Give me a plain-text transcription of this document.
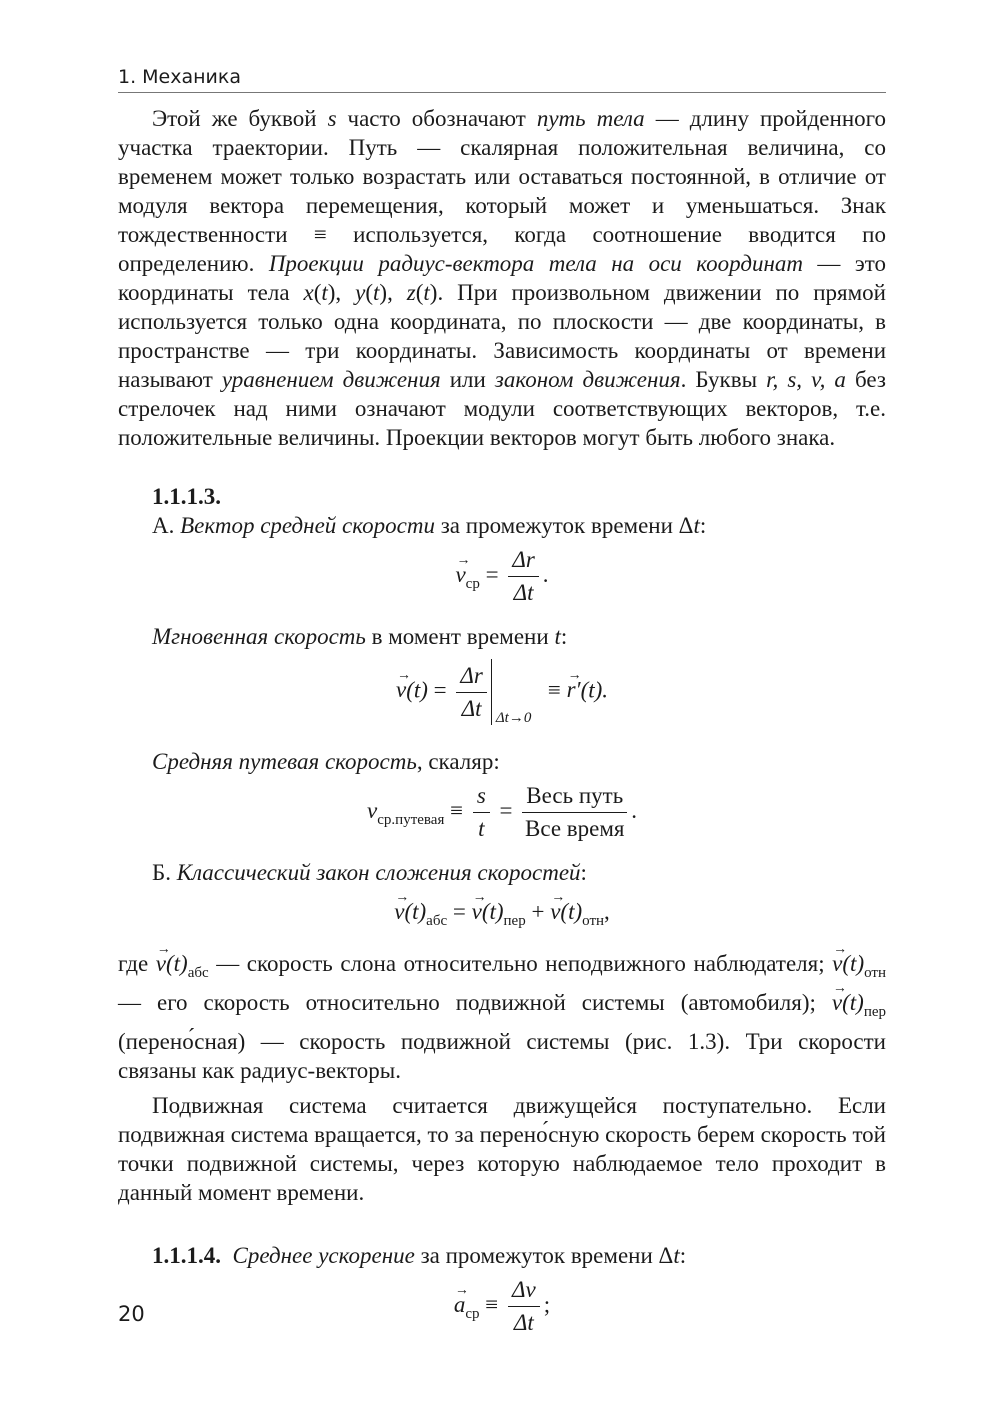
1. Механика

Этой же буквой s часто обозначают путь тела — длину пройденного участка траектории. Путь — скалярная положительная величина, со временем может только возрастать или оставаться постоянной, в отличие от модуля вектора перемещения, который может и уменьшаться. Знак тождественности ≡ используется, когда соотношение вводится по определению. Проекции радиус-вектора тела на оси координат — это координаты тела x(t), y(t), z(t). При произвольном движении по прямой используется только одна координата, по плоскости — две координаты, в пространстве — три координаты. Зависимость координаты от времени называют уравнением движения или законом движения. Буквы r, s, v, a без стрелочек над ними означают модули соответствующих векторов, т.е. положительные величины. Проекции векторов могут быть любого знака.

1.1.1.3.

А. Вектор средней скорости за промежуток времени Δt:

→ $v_{ср} = \frac{\Delta r}{\Delta t}$ .

Мгновенная скорость в момент времени t:

→ $v(t) = \frac{\Delta r}{\Delta t} \Delta t\to 0$
≡ → r′(t).

Средняя путевая скорость, скаляр:

$v_{ср.путевая} \equiv \frac{s}{t} = \frac{\text{Весь путь}}{\text{Все время}}$ .

Б. Классический закон сложения скоростей:

→ $v(t)_{абс}$ = → $v(t)_{пер}$ + → $v(t)_{отн}$,

где → $v(t)_{абс}$ — скорость слона относительно неподвижного наблюдателя; → $v(t)_{отн}$ — его скорость относительно подвижной системы (автомобиля); → $v(t)_{пер}$ (перено́сная) — скорость подвижной системы (рис. 1.3). Три скорости связаны как радиус-векторы.

Подвижная система считается движущейся поступательно. Если подвижная система вращается, то за перено́сную скорость берем скорость той точки подвижной системы, через которую наблюдаемое тело проходит в данный момент времени.

1.1.1.4. Среднее ускорение за промежуток времени Δt:

→ $a_{ср} \equiv \frac{\Delta v}{\Delta t}$ ;
20
